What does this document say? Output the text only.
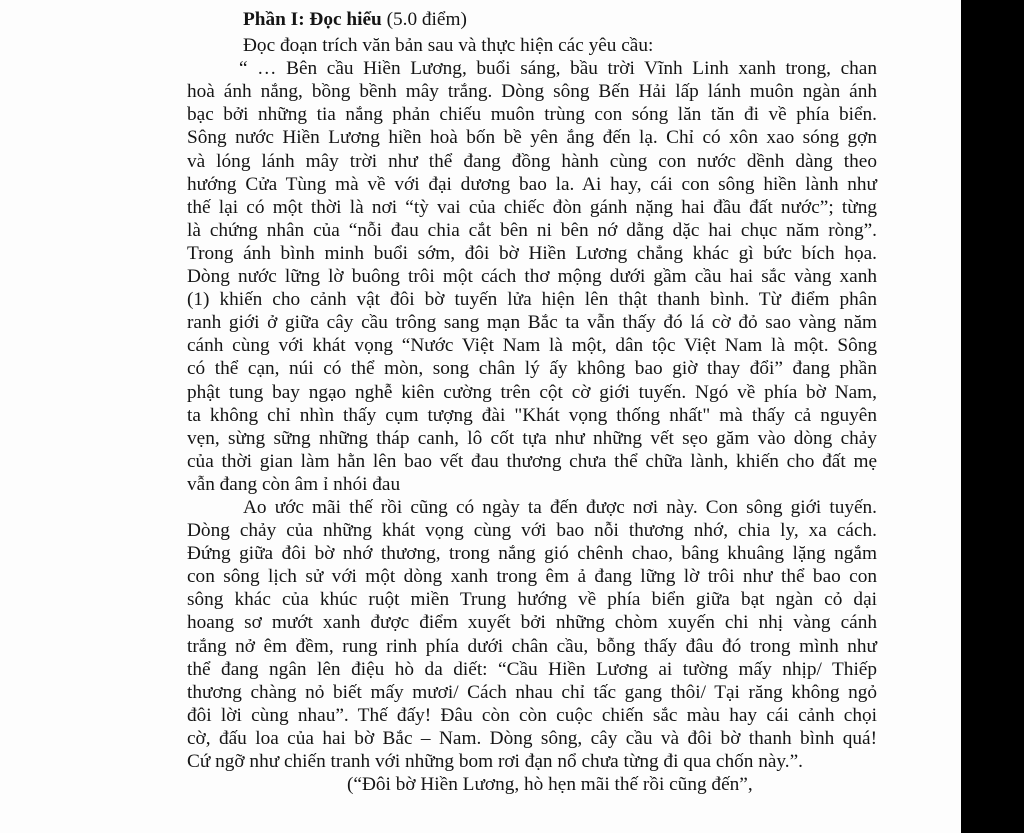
Phần I: Đọc hiểu (5.0 điểm)
Đọc đoạn trích văn bản sau và thực hiện các yêu cầu:
“ … Bên cầu Hiền Lương, buổi sáng, bầu trời Vĩnh Linh xanh trong, chan
hoà ánh nắng, bồng bềnh mây trắng. Dòng sông Bến Hải lấp lánh muôn ngàn ánh
bạc bởi những tia nắng phản chiếu muôn trùng con sóng lăn tăn đi về phía biển.
Sông nước Hiền Lương hiền hoà bốn bề yên ắng đến lạ. Chỉ có xôn xao sóng gợn
và lóng lánh mây trời như thể đang đồng hành cùng con nước dềnh dàng theo
hướng Cửa Tùng mà về với đại dương bao la. Ai hay, cái con sông hiền lành như
thế lại có một thời là nơi “tỳ vai của chiếc đòn gánh nặng hai đầu đất nước”; từng
là chứng nhân của “nỗi đau chia cắt bên ni bên nớ dằng dặc hai chục năm ròng”.
Trong ánh bình minh buổi sớm, đôi bờ Hiền Lương chẳng khác gì bức bích họa.
Dòng nước lững lờ buông trôi một cách thơ mộng dưới gầm cầu hai sắc vàng xanh
(1) khiến cho cảnh vật đôi bờ tuyến lửa hiện lên thật thanh bình. Từ điểm phân
ranh giới ở giữa cây cầu trông sang mạn Bắc ta vẫn thấy đó lá cờ đỏ sao vàng năm
cánh cùng với khát vọng “Nước Việt Nam là một, dân tộc Việt Nam là một. Sông
có thể cạn, núi có thể mòn, song chân lý ấy không bao giờ thay đổi” đang phần
phật tung bay ngạo nghễ kiên cường trên cột cờ giới tuyến. Ngó về phía bờ Nam,
ta không chỉ nhìn thấy cụm tượng đài "Khát vọng thống nhất" mà thấy cả nguyên
vẹn, sừng sững những tháp canh, lô cốt tựa như những vết sẹo găm vào dòng chảy
của thời gian làm hằn lên bao vết đau thương chưa thể chữa lành, khiến cho đất mẹ
vẫn đang còn âm ỉ nhói đau
Ao ước mãi thế rồi cũng có ngày ta đến được nơi này. Con sông giới tuyến.
Dòng chảy của những khát vọng cùng với bao nỗi thương nhớ, chia ly, xa cách.
Đứng giữa đôi bờ nhớ thương, trong nắng gió chênh chao, bâng khuâng lặng ngắm
con sông lịch sử với một dòng xanh trong êm ả đang lững lờ trôi như thể bao con
sông khác của khúc ruột miền Trung hướng về phía biển giữa bạt ngàn cỏ dại
hoang sơ mướt xanh được điểm xuyết bởi những chòm xuyến chi nhị vàng cánh
trắng nở êm đềm, rung rinh phía dưới chân cầu, bỗng thấy đâu đó trong mình như
thể đang ngân lên điệu hò da diết: “Cầu Hiền Lương ai tường mấy nhịp/ Thiếp
thương chàng nỏ biết mấy mươi/ Cách nhau chỉ tấc gang thôi/ Tại răng không ngỏ
đôi lời cùng nhau”. Thế đấy! Đâu còn còn cuộc chiến sắc màu hay cái cảnh chọi
cờ, đấu loa của hai bờ Bắc – Nam. Dòng sông, cây cầu và đôi bờ thanh bình quá!
Cứ ngỡ như chiến tranh với những bom rơi đạn nổ chưa từng đi qua chốn này.”.
(“Đôi bờ Hiền Lương, hò hẹn mãi thế rồi cũng đến”,
